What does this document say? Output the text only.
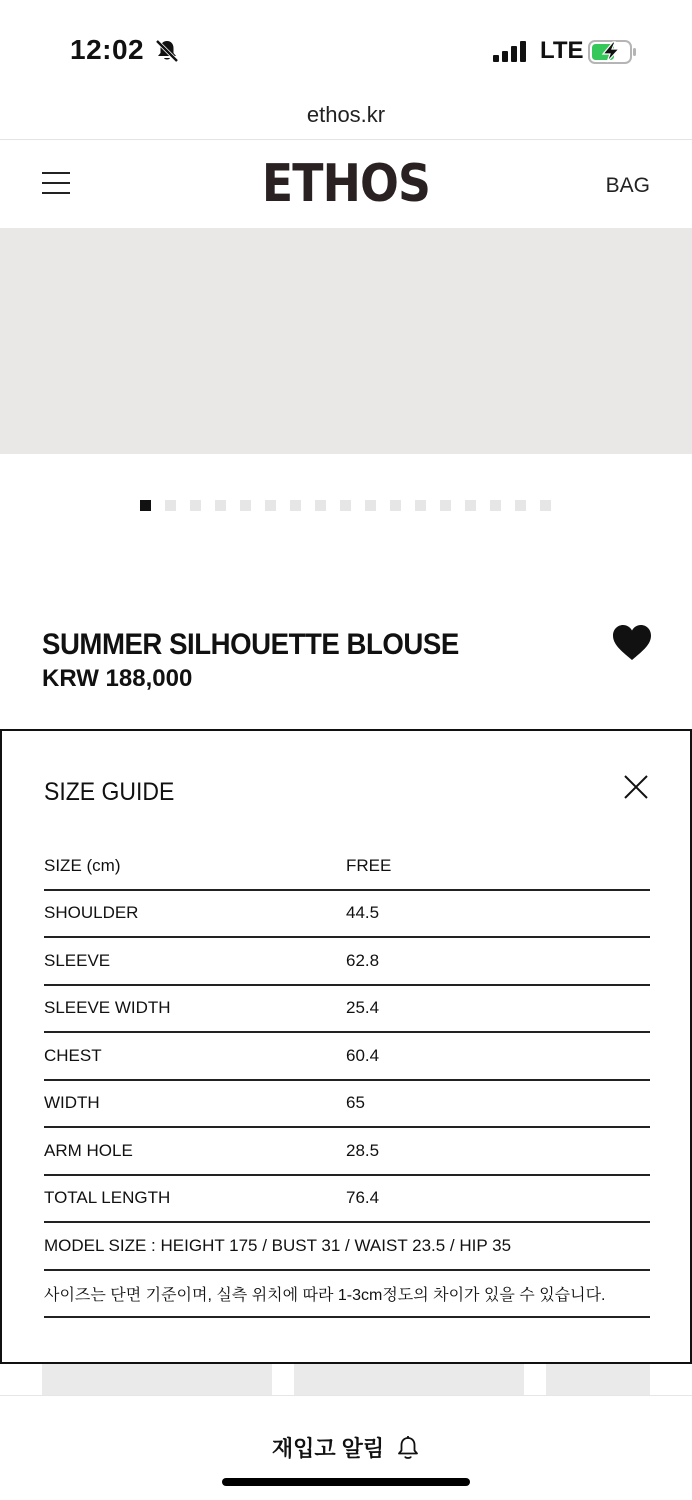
12:02	LTE
ethos.kr
ETHOS	BAG
SUMMER SILHOUETTE BLOUSE
KRW 188,000
SIZE GUIDE
SIZE (cm)	FREE
SHOULDER	44.5
SLEEVE	62.8
SLEEVE WIDTH	25.4
CHEST	60.4
WIDTH	65
ARM HOLE	28.5
TOTAL LENGTH	76.4
MODEL SIZE : HEIGHT 175 / BUST 31 / WAIST 23.5 / HIP 35
사이즈는 단면 기준이며, 실측 위치에 따라 1-3cm정도의 차이가 있을 수 있습니다.
재입고 알림
